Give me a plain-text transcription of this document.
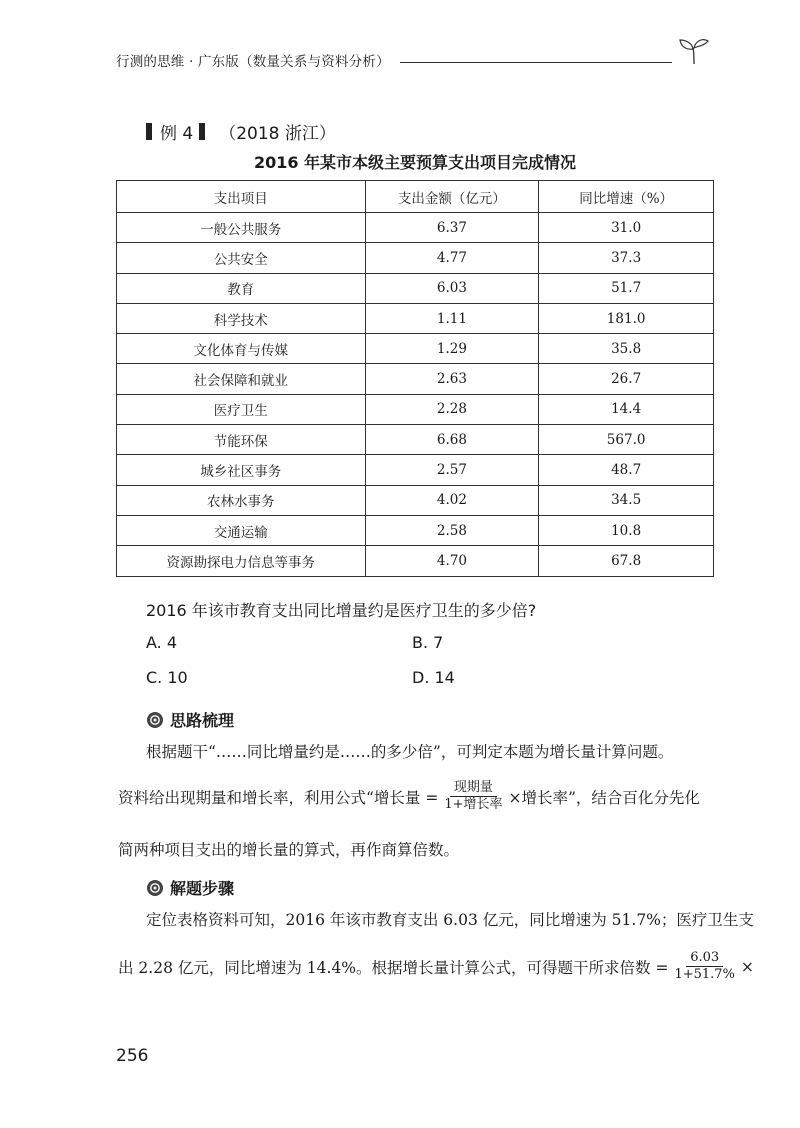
行测的思维 · 广东版（数量关系与资料分析）
例 4 （2018 浙江）
2016 年某市本级主要预算支出项目完成情况
支出项目	支出金额（亿元）	同比增速（%）
一般公共服务	6.37	31.0
公共安全	4.77	37.3
教育	6.03	51.7
科学技术	1.11	181.0
文化体育与传媒	1.29	35.8
社会保障和就业	2.63	26.7
医疗卫生	2.28	14.4
节能环保	6.68	567.0
城乡社区事务	2.57	48.7
农林水事务	4.02	34.5
交通运输	2.58	10.8
资源勘探电力信息等事务	4.70	67.8
2016 年该市教育支出同比增量约是医疗卫生的多少倍?
A. 4	B. 7
C. 10	D. 14
思路梳理
根据题干“……同比增量约是……的多少倍”，可判定本题为增长量计算问题。
资料给出现期量和增长率，利用公式“增长量 = $\frac{\text{现期量}}{\text{1+增长率}}$ ×增长率”，结合百化分先化
简两种项目支出的增长量的算式，再作商算倍数。
解题步骤
定位表格资料可知，2016 年该市教育支出 6.03 亿元，同比增速为 51.7%；医疗卫生支
出 2.28 亿元，同比增速为 14.4%。根据增长量计算公式，可得题干所求倍数 = $\frac{6.03}{1+51.7\%}$ ×
256
